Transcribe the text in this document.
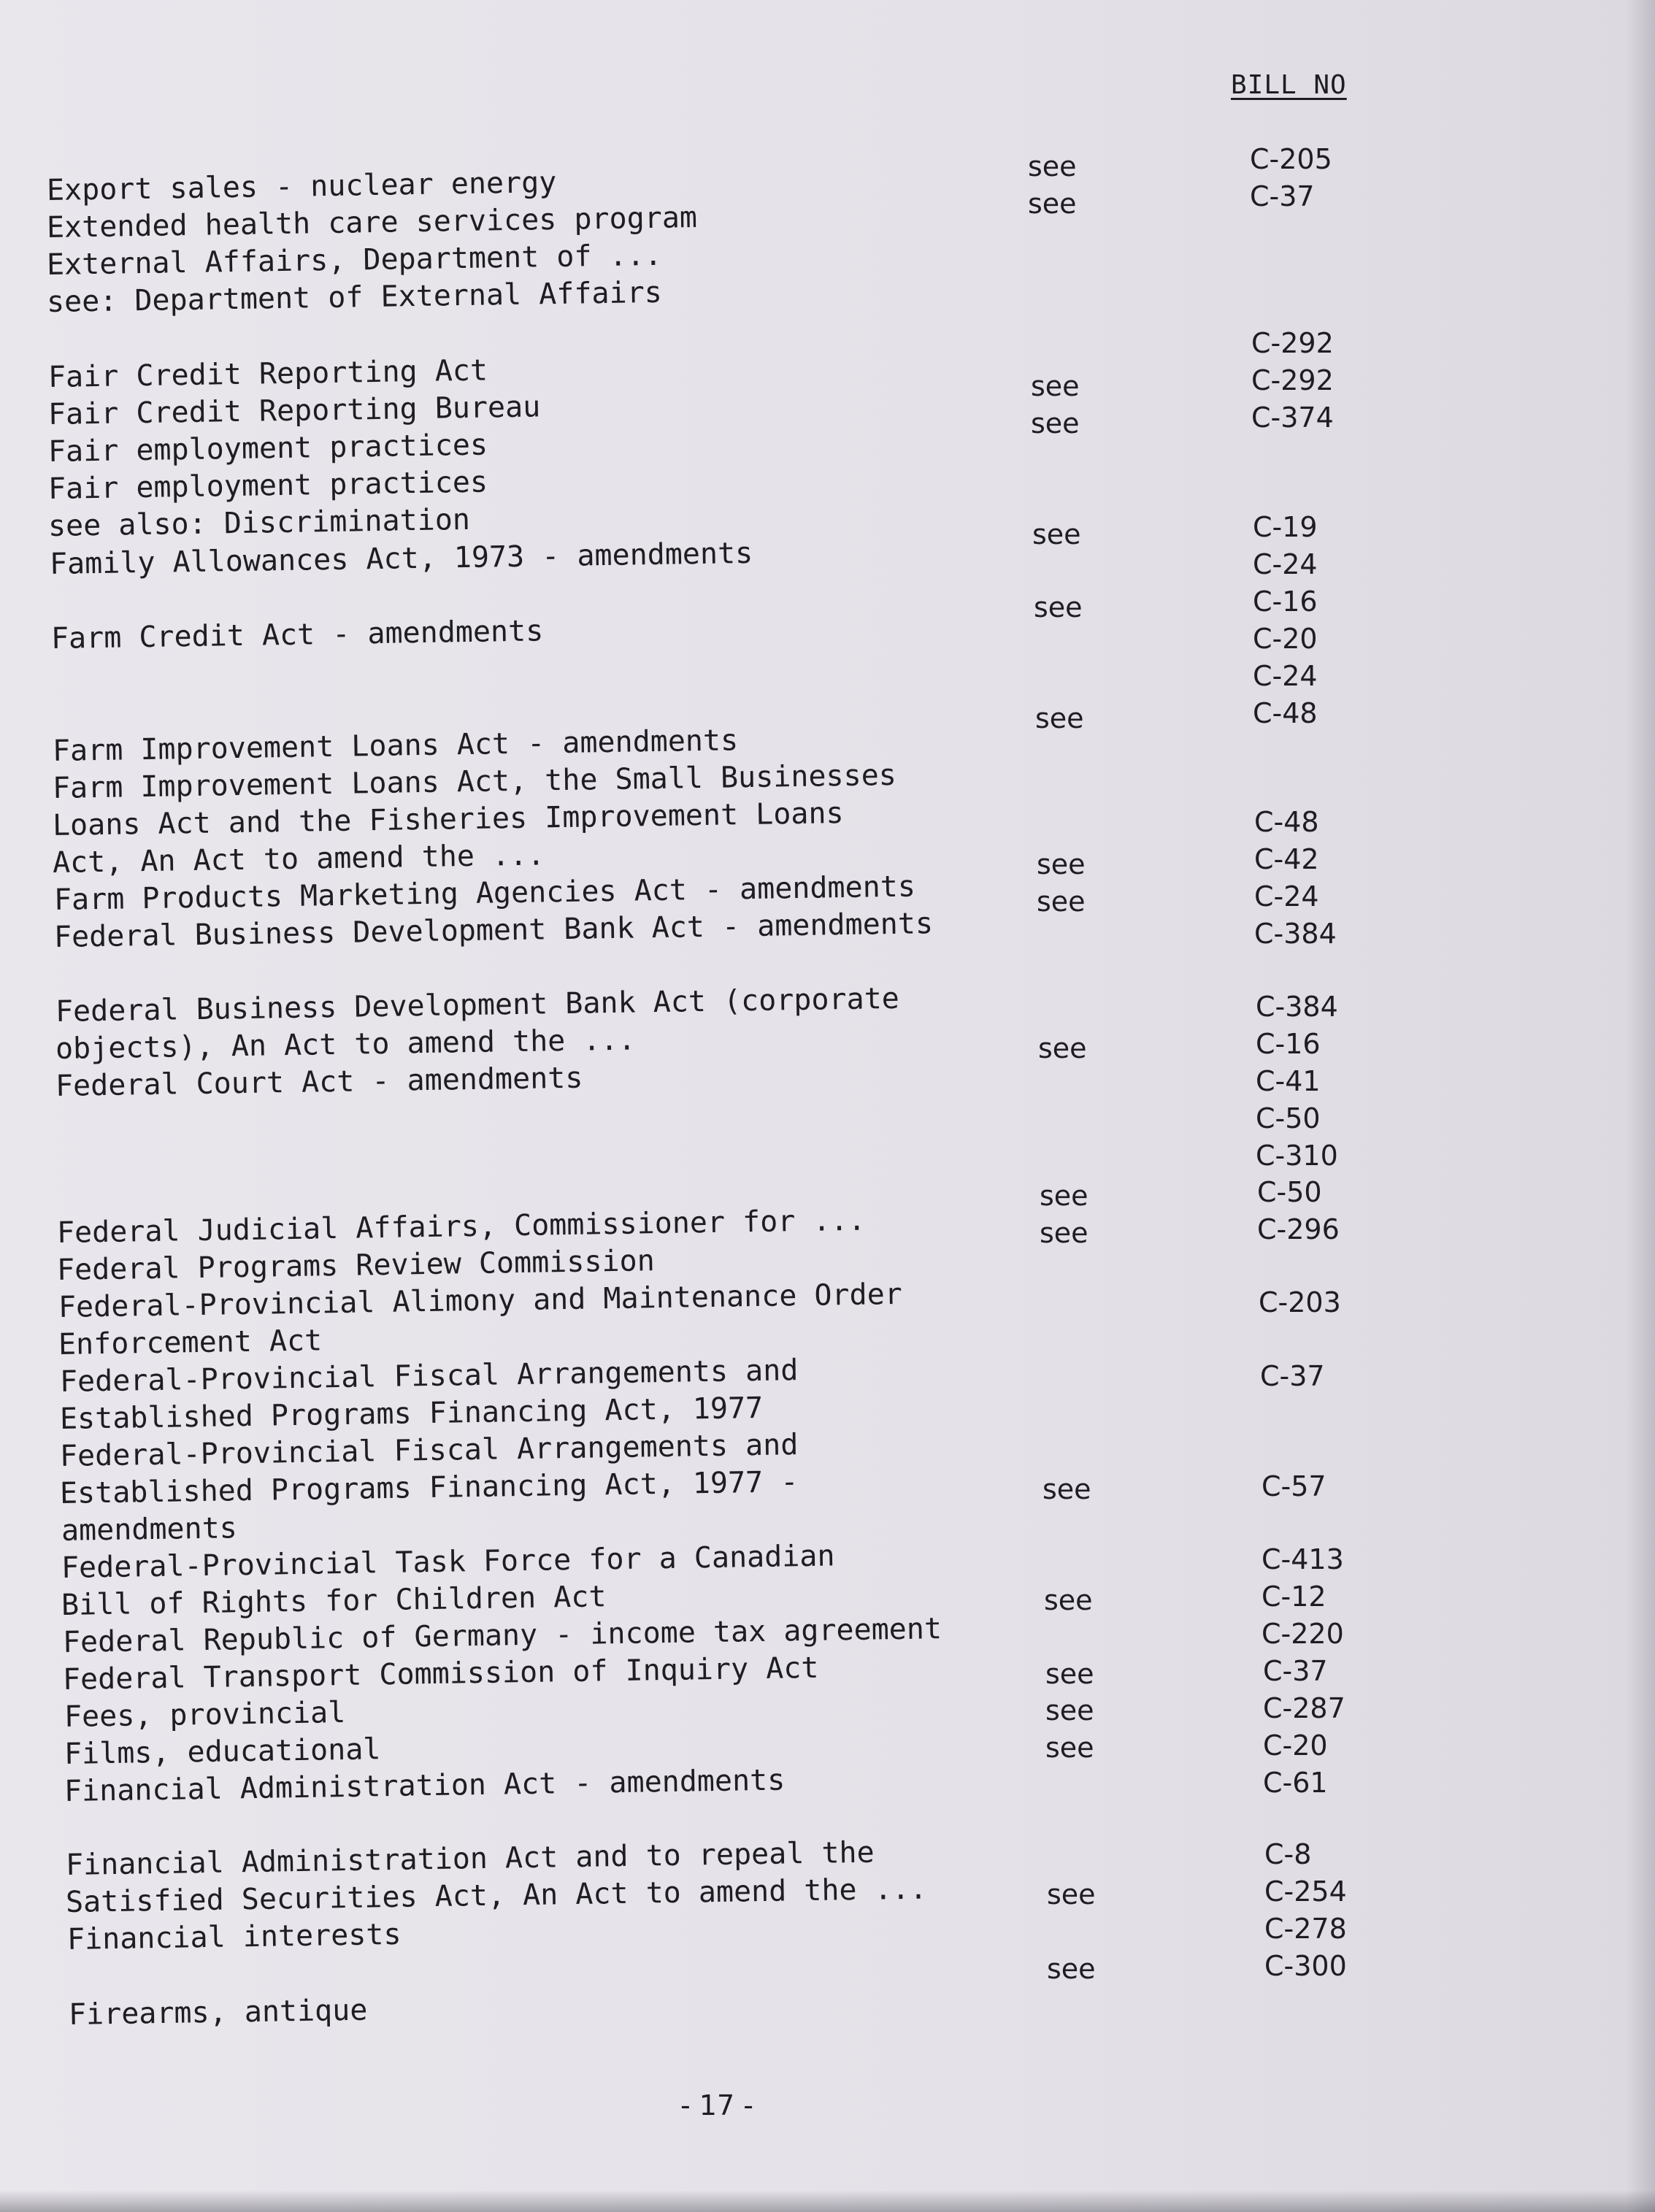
BILL NO
Export sales - nuclear energy
Extended health care services program
External Affairs, Department of ...
see: Department of External Affairs
Fair Credit Reporting Act
Fair Credit Reporting Bureau
Fair employment practices
Fair employment practices
see also: Discrimination
Family Allowances Act, 1973 - amendments
Farm Credit Act - amendments
Farm Improvement Loans Act - amendments
Farm Improvement Loans Act, the Small Businesses
Loans Act and the Fisheries Improvement Loans
Act, An Act to amend the ...
Farm Products Marketing Agencies Act - amendments
Federal Business Development Bank Act - amendments
Federal Business Development Bank Act (corporate
objects), An Act to amend the ...
Federal Court Act - amendments
Federal Judicial Affairs, Commissioner for ...
Federal Programs Review Commission
Federal-Provincial Alimony and Maintenance Order
Enforcement Act
Federal-Provincial Fiscal Arrangements and
Established Programs Financing Act, 1977
Federal-Provincial Fiscal Arrangements and
Established Programs Financing Act, 1977 -
amendments
Federal-Provincial Task Force for a Canadian
Bill of Rights for Children Act
Federal Republic of Germany - income tax agreement
Federal Transport Commission of Inquiry Act
Fees, provincial
Films, educational
Financial Administration Act - amendments
Financial Administration Act and to repeal the
Satisfied Securities Act, An Act to amend the ...
Financial interests
Firearms, antique
see
see
see
see
see
see
see
see
see
see
see
see
see
see
see
see
see
see
see
C-205
C-37
C-292
C-292
C-374
C-19
C-24
C-16
C-20
C-24
C-48
C-48
C-42
C-24
C-384
C-384
C-16
C-41
C-50
C-310
C-50
C-296
C-203
C-37
C-57
C-413
C-12
C-220
C-37
C-287
C-20
C-61
C-8
C-254
C-278
C-300
- 17 -
